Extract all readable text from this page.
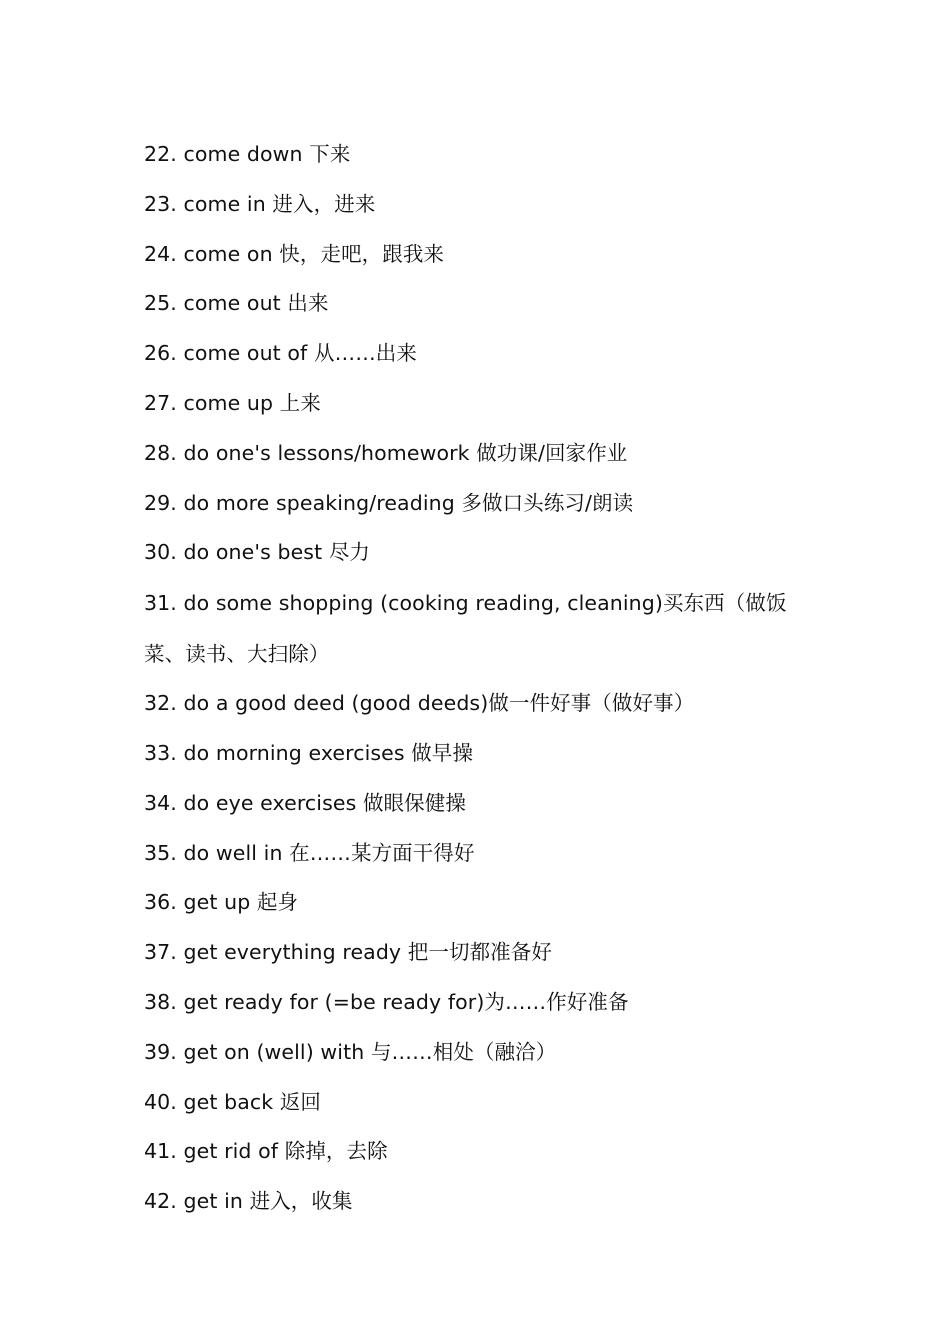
22. come down 下来
23. come in 进入，进来
24. come on 快，走吧，跟我来
25. come out 出来
26. come out of 从……出来
27. come up 上来
28. do one's lessons/homework 做功课/回家作业
29. do more speaking/reading 多做口头练习/朗读
30. do one's best 尽力
31. do some shopping (cooking reading, cleaning)买东西（做饭菜、读书、大扫除）
32. do a good deed (good deeds)做一件好事（做好事）
33. do morning exercises 做早操
34. do eye exercises 做眼保健操
35. do well in 在……某方面干得好
36. get up 起身
37. get everything ready 把一切都准备好
38. get ready for (=be ready for)为……作好准备
39. get on (well) with 与……相处（融洽）
40. get back 返回
41. get rid of 除掉，去除
42. get in 进入，收集
